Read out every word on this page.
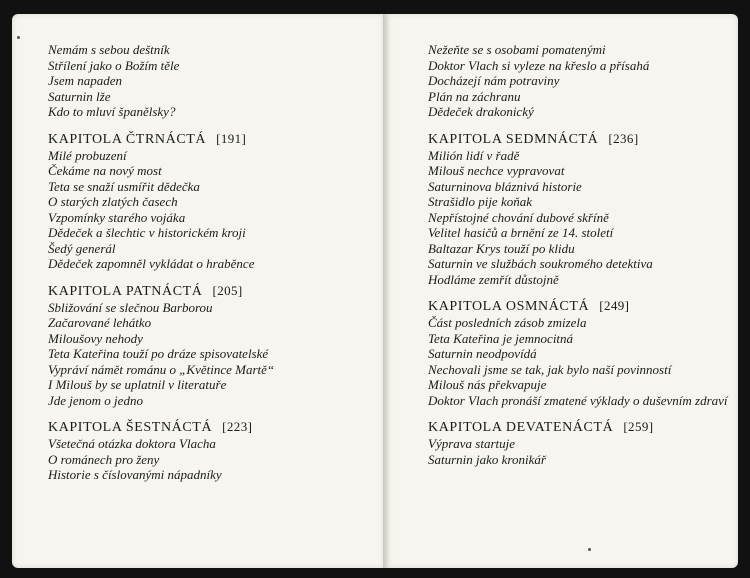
Nemám s sebou deštník

Střílení jako o Božím těle

Jsem napaden

Saturnin lže

Kdo to mluví španělsky?

KAPITOLA ČTRNÁCTÁ [191]

Milé probuzení

Čekáme na nový most

Teta se snaží usmířit dědečka

O starých zlatých časech

Vzpomínky starého vojáka

Dědeček a šlechtic v historickém kroji

Šedý generál

Dědeček zapomněl vykládat o hraběnce

KAPITOLA PATNÁCTÁ [205]

Sbližování se slečnou Barborou

Začarované lehátko

Miloušovy nehody

Teta Kateřina touží po dráze spisovatelské

Vypráví námět románu o „Květince Martě“

I Milouš by se uplatnil v literatuře

Jde jenom o jedno

KAPITOLA ŠESTNÁCTÁ [223]

Všetečná otázka doktora Vlacha

O románech pro ženy

Historie s číslovanými nápadníky

Nežeňte se s osobami pomatenými

Doktor Vlach si vyleze na křeslo a přísahá

Docházejí nám potraviny

Plán na záchranu

Dědeček drakonický

KAPITOLA SEDMNÁCTÁ [236]

Milión lidí v řadě

Milouš nechce vypravovat

Saturninova bláznivá historie

Strašidlo pije koňak

Nepřístojné chování dubové skříně

Velitel hasičů a brnění ze 14. století

Baltazar Krys touží po klidu

Saturnin ve službách soukromého detektiva

Hodláme zemřít důstojně

KAPITOLA OSMNÁCTÁ [249]

Část posledních zásob zmizela

Teta Kateřina je jemnocitná

Saturnin neodpovídá

Nechovali jsme se tak, jak bylo naší povinností

Milouš nás překvapuje

Doktor Vlach pronáší zmatené výklady o duševním zdraví

KAPITOLA DEVATENÁCTÁ [259]

Výprava startuje

Saturnin jako kronikář
